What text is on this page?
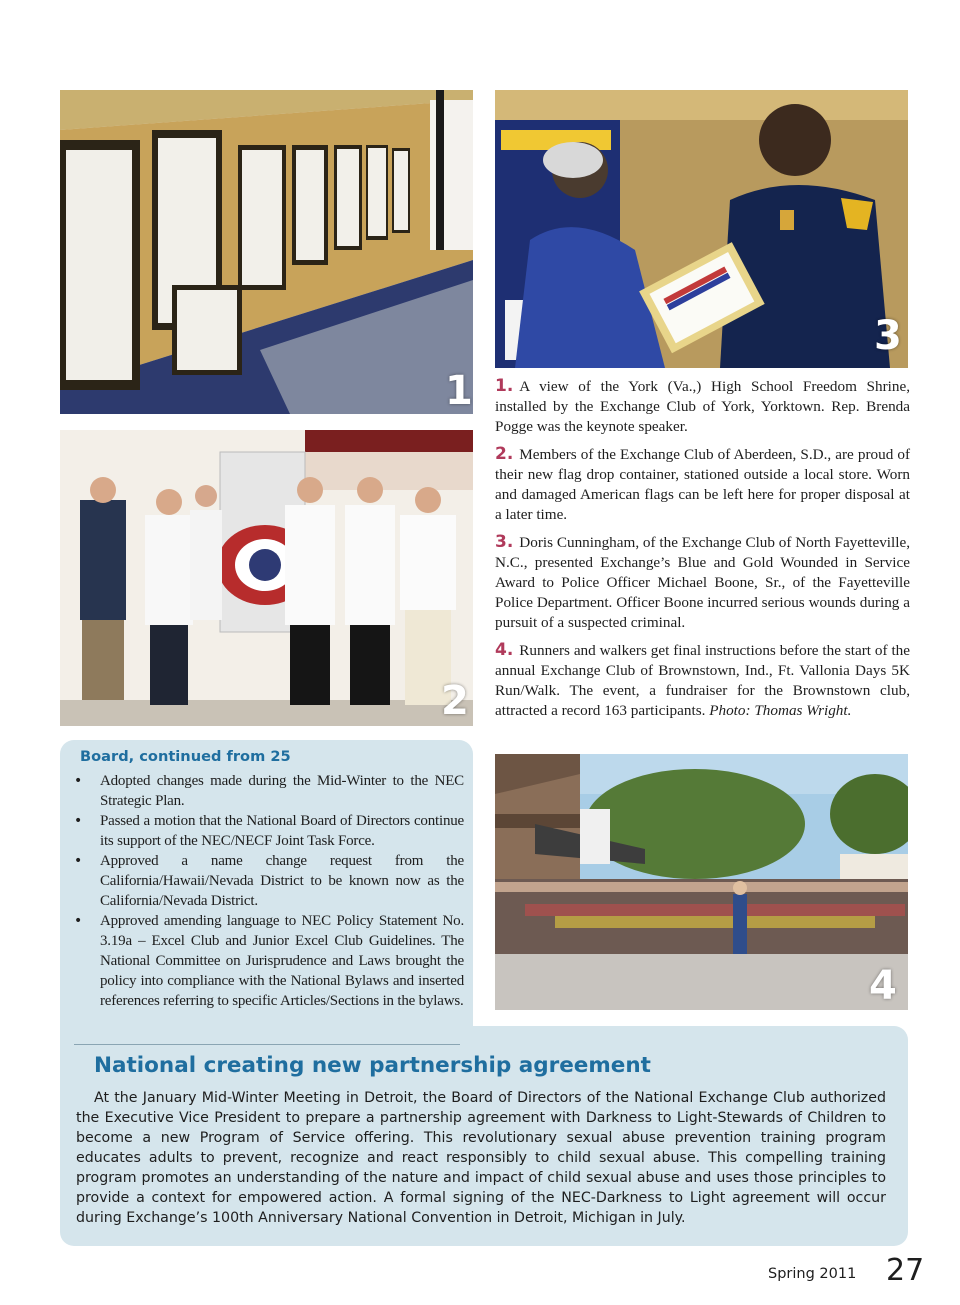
1
2
3
4

1. A view of the York (Va.,) High School Freedom Shrine, installed by the Exchange Club of York, Yorktown. Rep. Brenda Pogge was the keynote speaker.

2. Members of the Exchange Club of Aberdeen, S.D., are proud of their new flag drop container, stationed outside a local store. Worn and damaged American flags can be left here for proper disposal at a later time.

3. Doris Cunningham, of the Exchange Club of North Fayetteville, N.C., presented Exchange’s Blue and Gold Wounded in Service Award to Police Officer Michael Boone, Sr., of the Fayetteville Police Department. Officer Boone incurred serious wounds during a pursuit of a suspected criminal.

4. Runners and walkers get final instructions before the start of the annual Exchange Club of Brownstown, Ind., Ft. Vallonia Days 5K Run/Walk. The event, a fundraiser for the Brownstown club, attracted a record 163 participants. Photo: Thomas Wright.

Board, continued from 25
• Adopted changes made during the Mid-Winter to the NEC Strategic Plan.
• Passed a motion that the National Board of Directors continue its support of the NEC/NECF Joint Task Force.
• Approved a name change request from the California/Hawaii/Nevada District to be known now as the California/Nevada District.
• Approved amending language to NEC Policy Statement No. 3.19a – Excel Club and Junior Excel Club Guidelines. The National Committee on Jurisprudence and Laws brought the policy into compliance with the National Bylaws and inserted references referring to specific Articles/Sections in the bylaws.
National creating new partnership agreement

At the January Mid-Winter Meeting in Detroit, the Board of Directors of the National Exchange Club authorized the Executive Vice President to prepare a partnership agreement with Darkness to Light-Stewards of Children to become a new Program of Service offering. This revolutionary sexual abuse prevention training program educates adults to prevent, recognize and react responsibly to child sexual abuse. This compelling training program promotes an understanding of the nature and impact of child sexual abuse and uses those principles to provide a context for empowered action. A formal signing of the NEC-Darkness to Light agreement will occur during Exchange’s 100th Anniversary National Convention in Detroit, Michigan in July.

Spring 2011 27
